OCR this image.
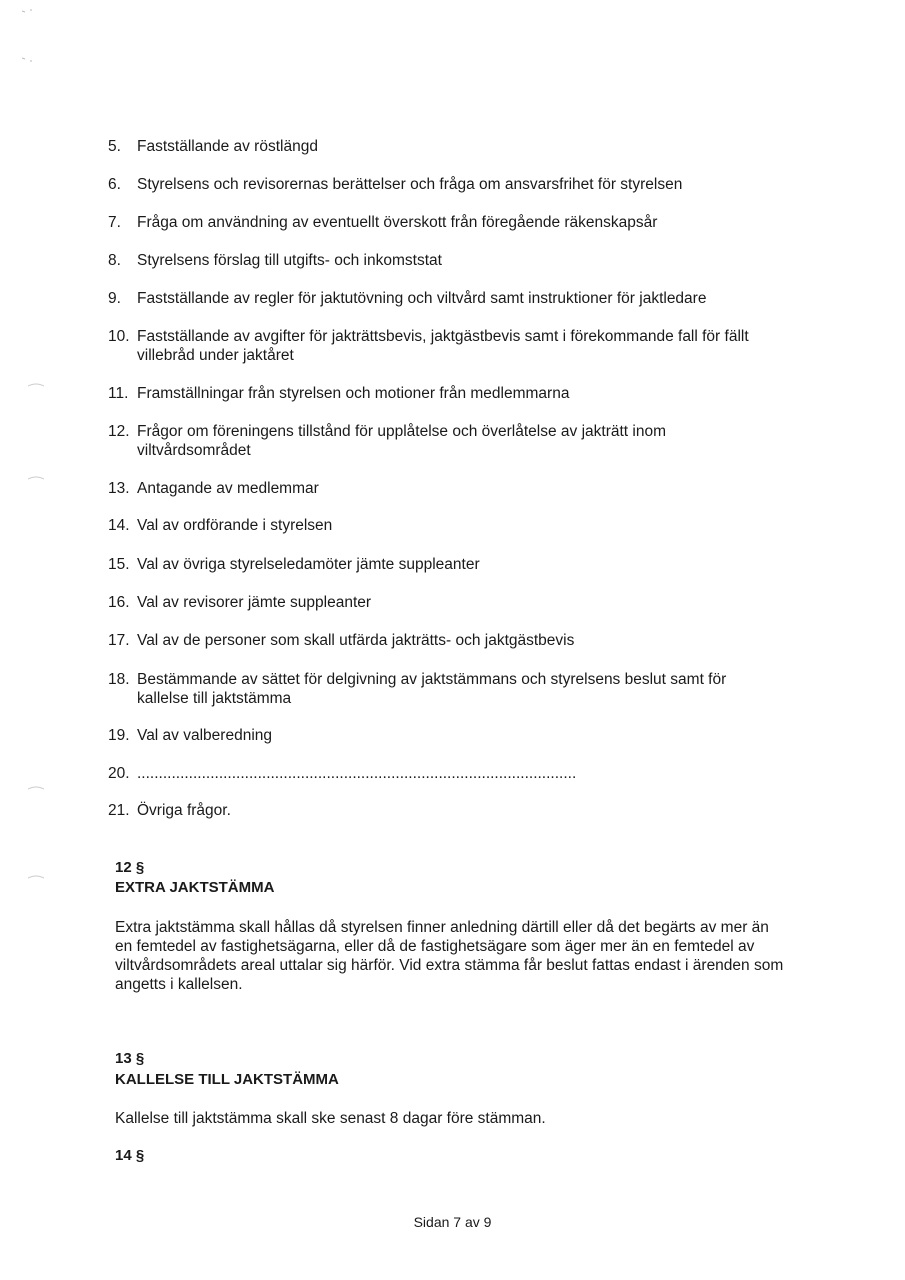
5. Fastställande av röstlängd
6. Styrelsens och revisorernas berättelser och fråga om ansvarsfrihet för styrelsen
7. Fråga om användning av eventuellt överskott från föregående räkenskapsår
8. Styrelsens förslag till utgifts- och inkomststat
9. Fastställande av regler för jaktutövning och viltvård samt instruktioner för jaktledare
10. Fastställande av avgifter för jakträttsbevis, jaktgästbevis samt i förekommande fall för fällt villebråd under jaktåret
11. Framställningar från styrelsen och motioner från medlemmarna
12. Frågor om föreningens tillstånd för upplåtelse och överlåtelse av jakträtt inom viltvårdsområdet
13. Antagande av medlemmar
14. Val av ordförande i styrelsen
15. Val av övriga styrelseledamöter jämte suppleanter
16. Val av revisorer jämte suppleanter
17. Val av de personer som skall utfärda jakträtts- och jaktgästbevis
18. Bestämmande av sättet för delgivning av jaktstämmans och styrelsens beslut samt för kallelse till jaktstämma
19. Val av valberedning
20. ......................................................................................................
21. Övriga frågor.
12 §
EXTRA JAKTSTÄMMA
Extra jaktstämma skall hållas då styrelsen finner anledning därtill eller då det begärts av mer än en femtedel av fastighetsägarna, eller då de fastighetsägare som äger mer än en femtedel av viltvårdsområdets areal uttalar sig härför. Vid extra stämma får beslut fattas endast i ärenden som angetts i kallelsen.
13 §
KALLELSE TILL JAKTSTÄMMA
Kallelse till jaktstämma skall ske senast 8 dagar före stämman.
14 §
Sidan 7 av 9
